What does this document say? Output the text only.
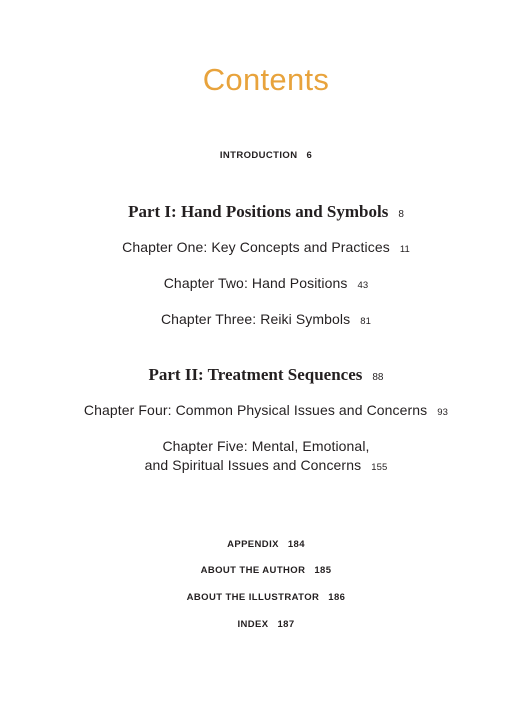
Contents
INTRODUCTION 6
Part I: Hand Positions and Symbols 8
Chapter One: Key Concepts and Practices 11
Chapter Two: Hand Positions 43
Chapter Three: Reiki Symbols 81
Part II: Treatment Sequences 88
Chapter Four: Common Physical Issues and Concerns 93
Chapter Five: Mental, Emotional,
and Spiritual Issues and Concerns 155
APPENDIX 184
ABOUT THE AUTHOR 185
ABOUT THE ILLUSTRATOR 186
INDEX 187
